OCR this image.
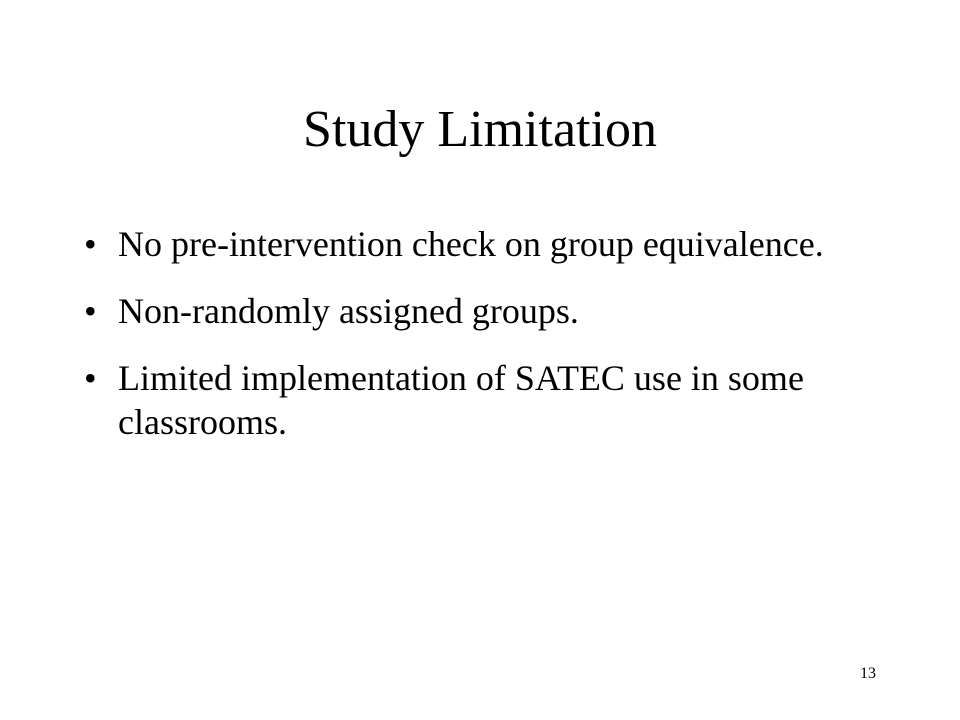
Study Limitation
• No pre-intervention check on group equivalence.
• Non-randomly assigned groups.
• Limited implementation of SATEC use in some classrooms.
13
